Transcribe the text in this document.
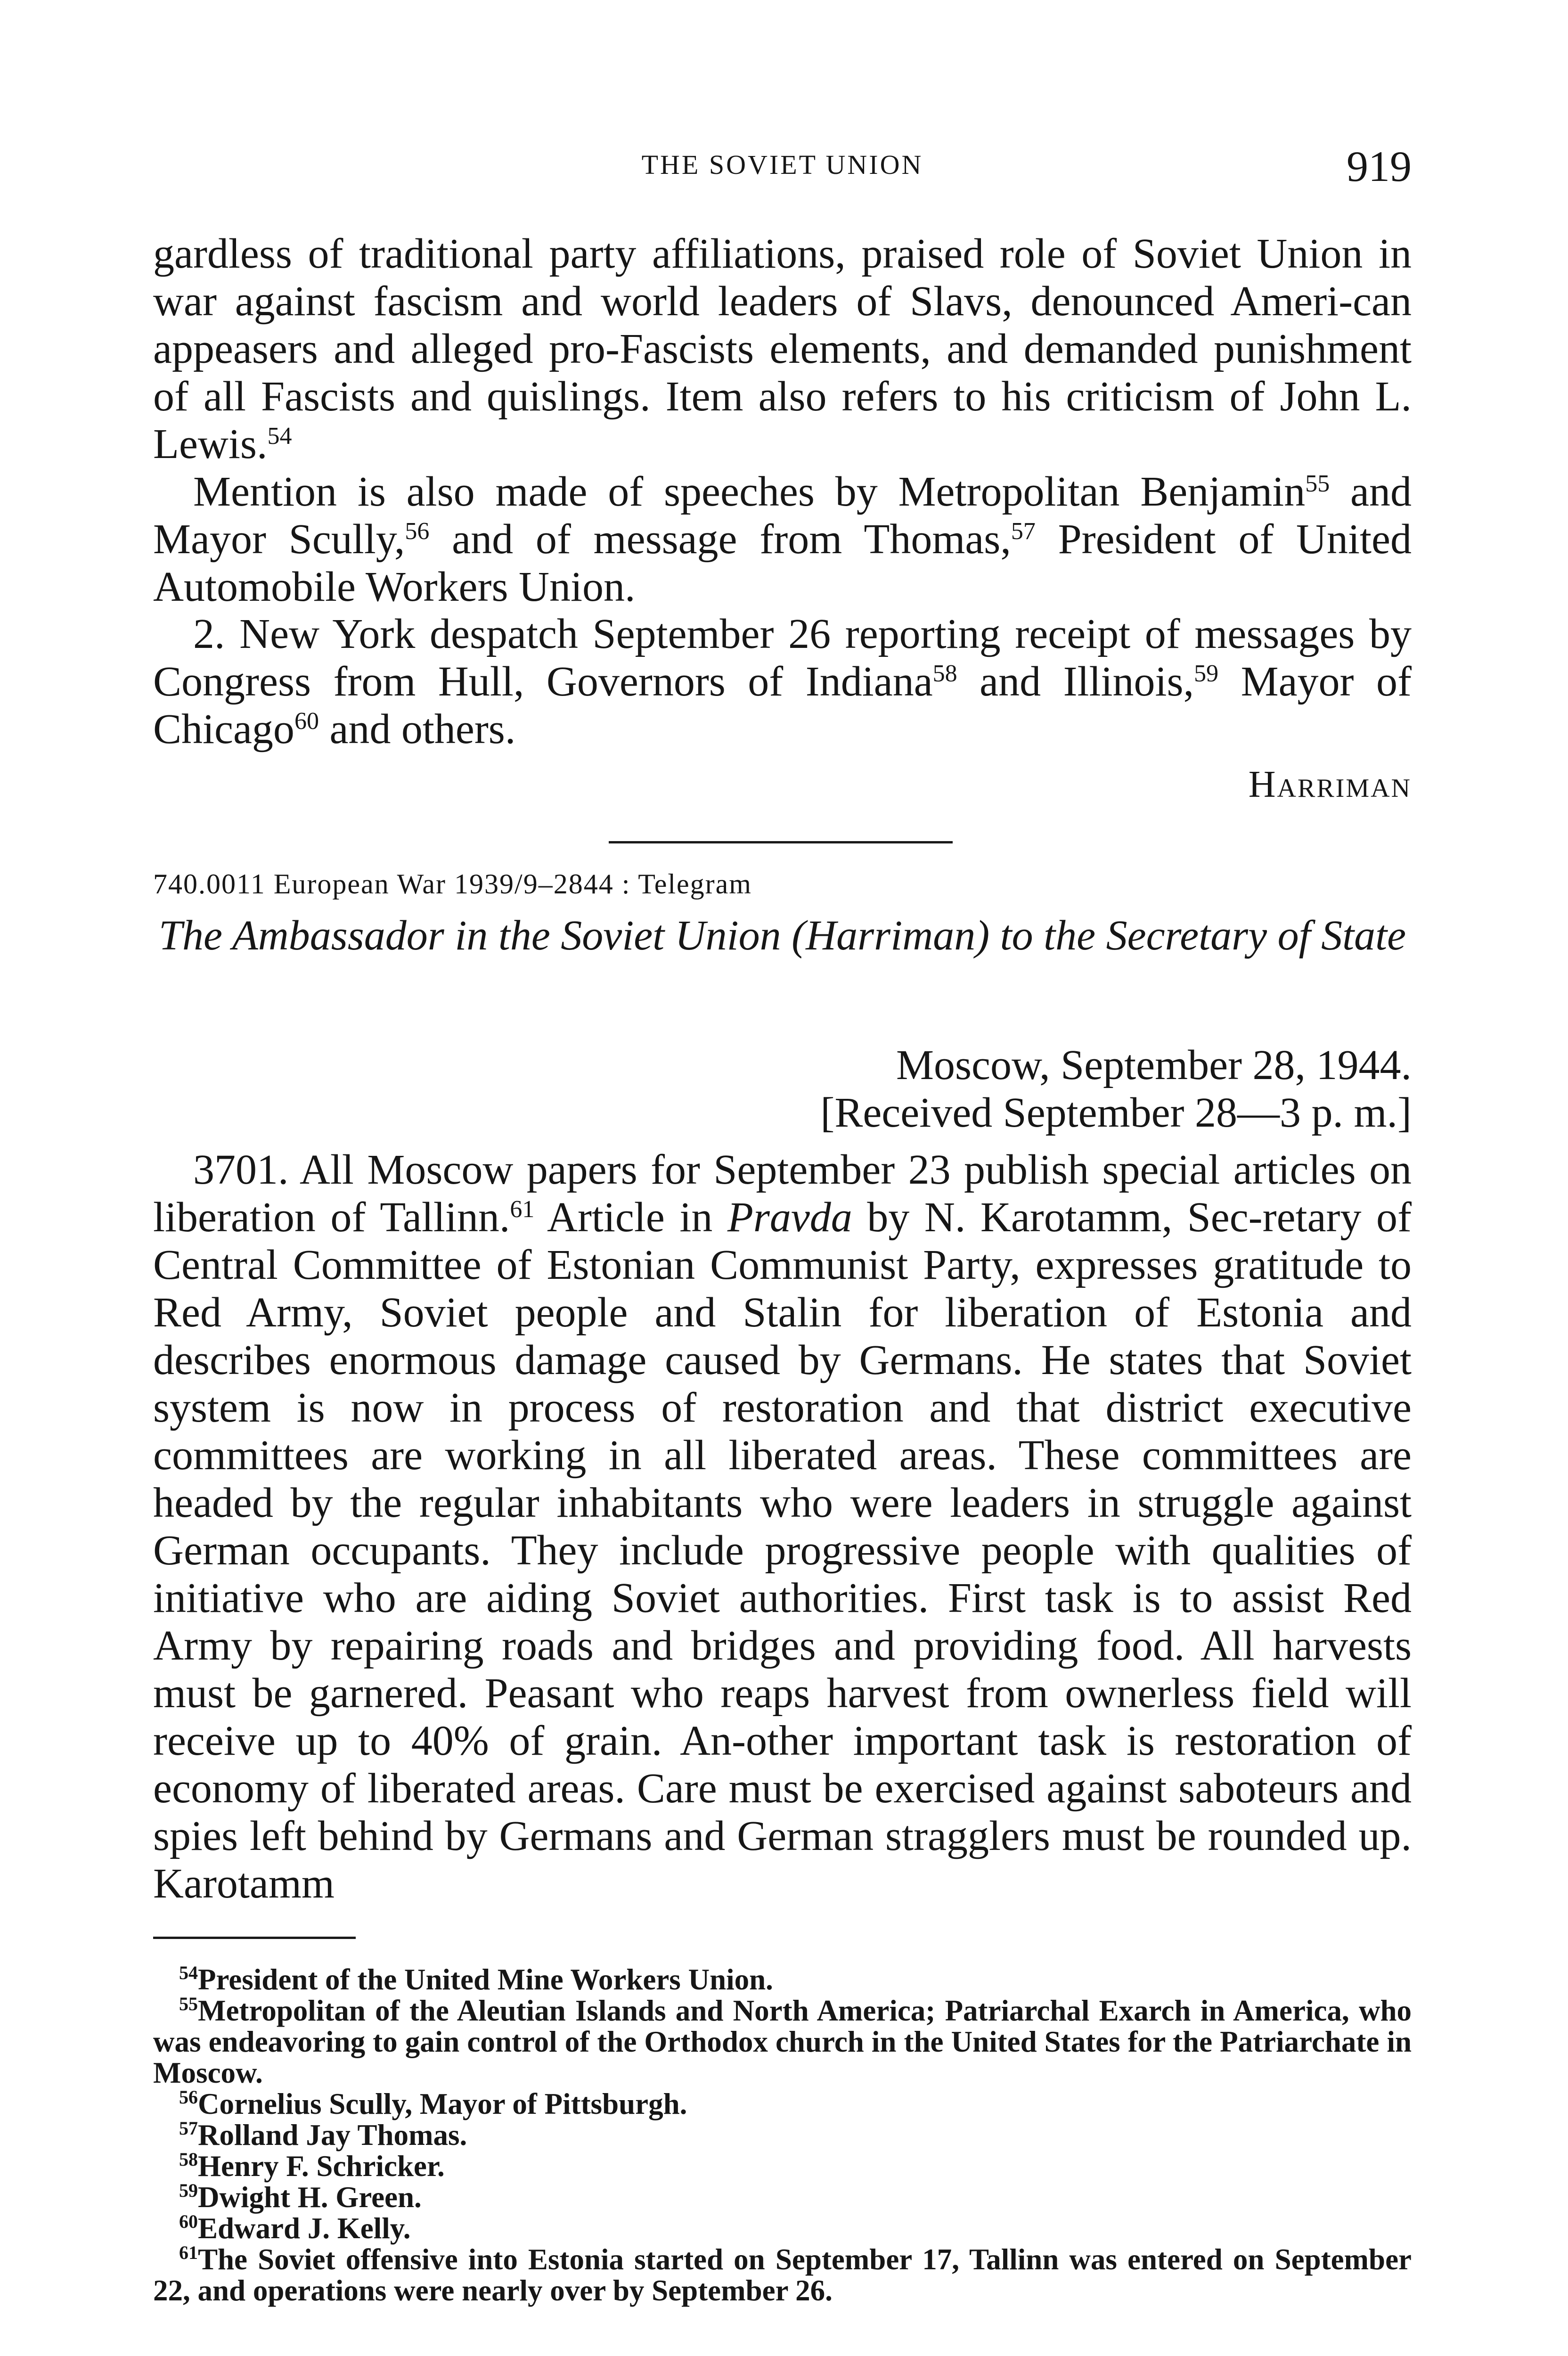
THE SOVIET UNION	919

gardless of traditional party affiliations, praised role of Soviet Union in war against fascism and world leaders of Slavs, denounced Ameri-can appeasers and alleged pro-Fascists elements, and demanded punishment of all Fascists and quislings. Item also refers to his criticism of John L. Lewis.$^{54}$

Mention is also made of speeches by Metropolitan Benjamin$^{55}$ and Mayor Scully,$^{56}$ and of message from Thomas,$^{57}$ President of United Automobile Workers Union.

2. New York despatch September 26 reporting receipt of messages by Congress from Hull, Governors of Indiana$^{58}$ and Illinois,$^{59}$ Mayor of Chicago$^{60}$ and others.

Harriman
740.0011 European War 1939/9–2844 : Telegram
The Ambassador in the Soviet Union (Harriman) to the Secretary of State
Moscow, September 28, 1944.
[Received September 28—3 p. m.]

3701. All Moscow papers for September 23 publish special articles on liberation of Tallinn.$^{61}$ Article in Pravda by N. Karotamm, Sec-retary of Central Committee of Estonian Communist Party, expresses gratitude to Red Army, Soviet people and Stalin for liberation of Estonia and describes enormous damage caused by Germans. He states that Soviet system is now in process of restoration and that district executive committees are working in all liberated areas. These committees are headed by the regular inhabitants who were leaders in struggle against German occupants. They include progressive people with qualities of initiative who are aiding Soviet authorities. First task is to assist Red Army by repairing roads and bridges and providing food. All harvests must be garnered. Peasant who reaps harvest from ownerless field will receive up to 40% of grain. An-other important task is restoration of economy of liberated areas. Care must be exercised against saboteurs and spies left behind by Germans and German stragglers must be rounded up. Karotamm

$^{54}$President of the United Mine Workers Union.

$^{55}$Metropolitan of the Aleutian Islands and North America; Patriarchal Exarch in America, who was endeavoring to gain control of the Orthodox church in the United States for the Patriarchate in Moscow.

$^{56}$Cornelius Scully, Mayor of Pittsburgh.

$^{57}$Rolland Jay Thomas.

$^{58}$Henry F. Schricker.

$^{59}$Dwight H. Green.

$^{60}$Edward J. Kelly.

$^{61}$The Soviet offensive into Estonia started on September 17, Tallinn was entered on September 22, and operations were nearly over by September 26.
